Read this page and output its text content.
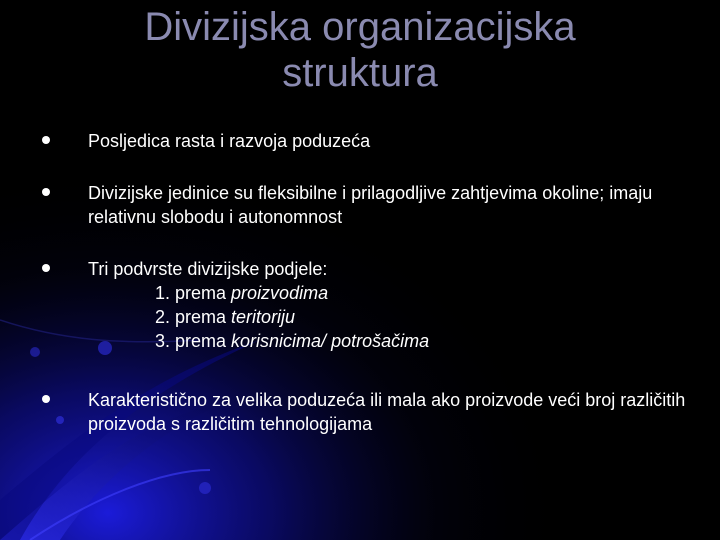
Divizijska organizacijska
struktura
Posljedica rasta i razvoja poduzeća
Divizijske jedinice su fleksibilne i prilagodljive zahtjevima okoline; imaju relativnu slobodu i autonomnost
Tri podvrste divizijske podjele:
1. prema proizvodima
2. prema teritoriju
3. prema korisnicima/ potrošačima
Karakteristično za velika poduzeća ili mala ako proizvode veći broj različitih proizvoda s različitim tehnologijama
